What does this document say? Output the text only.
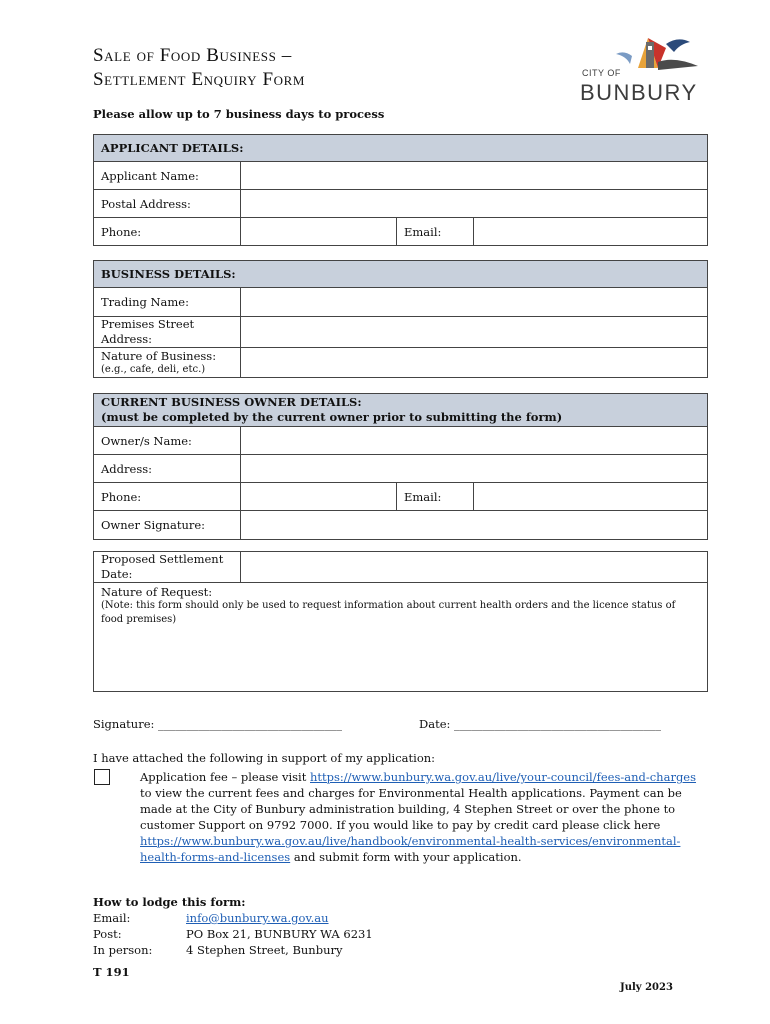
Sale of Food Business –
Settlement Enquiry Form	CITY OF
BUNBURY
Please allow up to 7 business days to process
APPLICANT DETAILS:			
Applicant Name:			
Postal Address:			
Phone:		Email:	
BUSINESS DETAILS:	
Trading Name:	

Premises Street
Address:	

Nature of Business:
(e.g., cafe, deli, etc.)	

CURRENT BUSINESS OWNER DETAILS:
(must be completed by the current owner prior to submitting the form)			

Owner/s Name:			
Address:			
Phone:		Email:	
Owner Signature:			
Proposed Settlement
Date:

Nature of Request:
(Note: this form should only be used to request information about current health orders and the licence status of food premises)
Signature: ________________________________	Date: ____________________________________
I have attached the following in support of my application:
Application fee – please visit https://www.bunbury.wa.gov.au/live/your-council/fees-and-charges to view the current fees and charges for Environmental Health applications. Payment can be made at the City of Bunbury administration building, 4 Stephen Street or over the phone to customer Support on 9792 7000. If you would like to pay by credit card please click here https://www.bunbury.wa.gov.au/live/handbook/environmental-health-services/environmental-health-forms-and-licenses and submit form with your application.
How to lodge this form:
Email:	info@bunbury.wa.gov.au
Post:	PO Box 21, BUNBURY WA 6231
In person:	4 Stephen Street, Bunbury
T 191
July 2023
